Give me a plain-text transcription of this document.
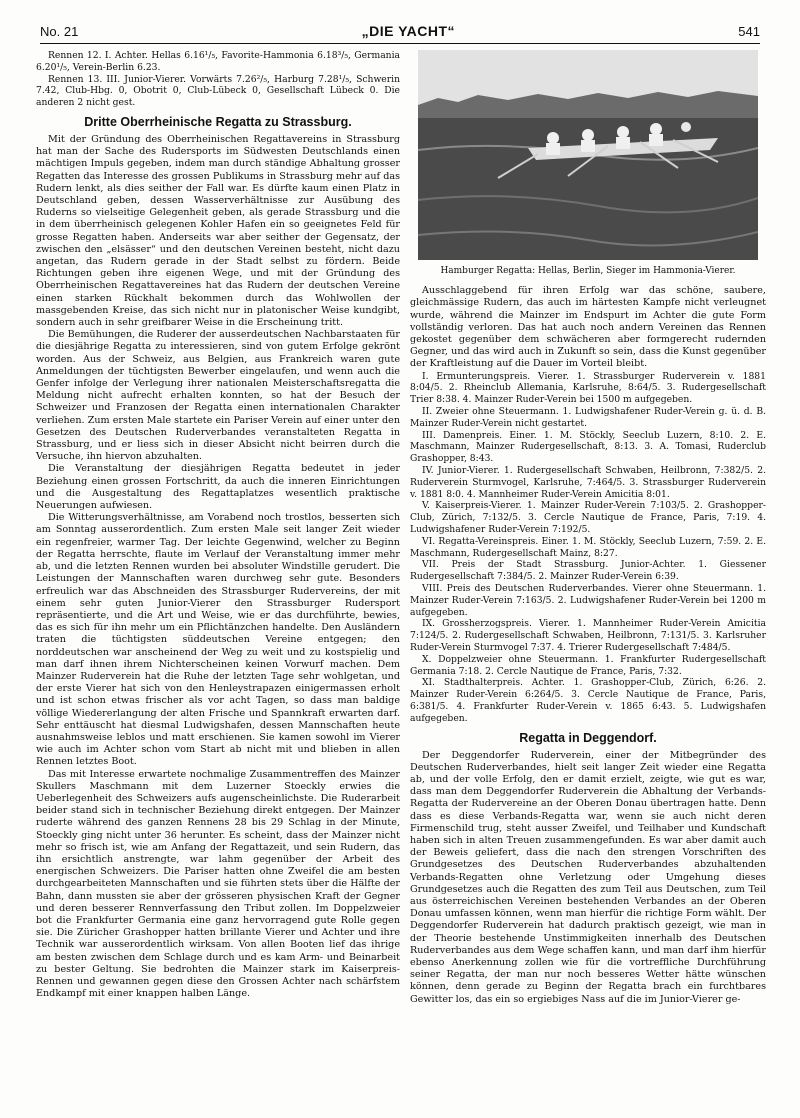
No. 21	„DIE YACHT“	541

Rennen 12. I. Achter. Hellas 6.16¹/₅, Favorite-Hammonia 6.18³/₅, Germania 6.20¹/₅, Verein-Berlin 6.23.

Rennen 13. III. Junior-Vierer. Vorwärts 7.26²/₅, Harburg 7.28¹/₅, Schwerin 7.42, Club-Hbg. 0, Obotrit 0, Club-Lübeck 0, Gesellschaft Lübeck 0. Die anderen 2 nicht gest.

Dritte Oberrheinische Regatta zu Strassburg.

Mit der Gründung des Oberrheinischen Regattavereins in Strassburg hat man der Sache des Rudersports im Südwesten Deutschlands einen mächtigen Impuls gegeben, indem man durch ständige Abhaltung grosser Regatten das Interesse des grossen Publikums in Strassburg mehr auf das Rudern lenkt, als dies seither der Fall war. Es dürfte kaum einen Platz in Deutschland geben, dessen Wasserverhältnisse zur Ausübung des Ruderns so vielseitige Gelegenheit geben, als gerade Strassburg und die in dem überrheinisch gelegenen Kohler Hafen ein so geeignetes Feld für grosse Regatten haben. Anderseits war aber seither der Gegensatz, der zwischen den „elsässer“ und den deutschen Vereinen besteht, nicht dazu angetan, das Rudern gerade in der Stadt selbst zu fördern. Beide Richtungen geben ihre eigenen Wege, und mit der Gründung des Oberrheinischen Regattavereines hat das Rudern der deutschen Vereine einen starken Rückhalt bekommen durch das Wohlwollen der massgebenden Kreise, das sich nicht nur in platonischer Weise kundgibt, sondern auch in sehr greifbarer Weise in die Erscheinung tritt.

Die Bemühungen, die Ruderer der ausserdeutschen Nachbarstaaten für die diesjährige Regatta zu interessieren, sind von gutem Erfolge gekrönt worden. Aus der Schweiz, aus Belgien, aus Frankreich waren gute Anmeldungen der tüchtigsten Bewerber eingelaufen, und wenn auch die Genfer infolge der Verlegung ihrer nationalen Meisterschaftsregatta die Meldung nicht aufrecht erhalten konnten, so hat der Besuch der Schweizer und Franzosen der Regatta einen internationalen Charakter verliehen. Zum ersten Male startete ein Pariser Verein auf einer unter den Gesetzen des Deutschen Ruderverbandes veranstalteten Regatta in Strassburg, und er liess sich in dieser Absicht nicht beirren durch die Versuche, ihn hiervon abzuhalten.

Die Veranstaltung der diesjährigen Regatta bedeutet in jeder Beziehung einen grossen Fortschritt, da auch die inneren Einrichtungen und die Ausgestaltung des Regattaplatzes wesentlich praktische Neuerungen aufwiesen.

Die Witterungsverhältnisse, am Vorabend noch trostlos, besserten sich am Sonntag ausserordentlich. Zum ersten Male seit langer Zeit wieder ein regenfreier, warmer Tag. Der leichte Gegenwind, welcher zu Beginn der Regatta herrschte, flaute im Verlauf der Veranstaltung immer mehr ab, und die letzten Rennen wurden bei absoluter Windstille gerudert. Die Leistungen der Mannschaften waren durchweg sehr gute. Besonders erfreulich war das Abschneiden des Strassburger Rudervereins, der mit einem sehr guten Junior-Vierer den Strassburger Rudersport repräsentierte, und die Art und Weise, wie er das durchführte, bewies, das es sich für ihn mehr um ein Pflichtänzchen handelte. Den Ausländern traten die tüchtigsten süddeutschen Vereine entgegen; den norddeutschen war anscheinend der Weg zu weit und zu kostspielig und man darf ihnen ihrem Nichterscheinen keinen Vorwurf machen. Dem Mainzer Ruderverein hat die Ruhe der letzten Tage sehr wohlgetan, und der erste Vierer hat sich von den Henleystrapazen einigermassen erholt und ist schon etwas frischer als vor acht Tagen, so dass man baldige völlige Wiedererlangung der alten Frische und Spannkraft erwarten darf. Sehr enttäuscht hat diesmal Ludwigshafen, dessen Mannschaften heute ausnahmsweise leblos und matt erschienen. Sie kamen sowohl im Vierer wie auch im Achter schon vom Start ab nicht mit und blieben in allen Rennen letztes Boot.

Das mit Interesse erwartete nochmalige Zusammentreffen des Mainzer Skullers Maschmann mit dem Luzerner Stoeckly erwies die Ueberlegenheit des Schweizers aufs augenscheinlichste. Die Ruderarbeit beider stand sich in technischer Beziehung direkt entgegen. Der Mainzer ruderte während des ganzen Rennens 28 bis 29 Schlag in der Minute, Stoeckly ging nicht unter 36 herunter. Es scheint, dass der Mainzer nicht mehr so frisch ist, wie am Anfang der Regattazeit, und sein Rudern, das ihn ersichtlich anstrengte, war lahm gegenüber der Arbeit des energischen Schweizers. Die Pariser hatten ohne Zweifel die am besten durchgearbeiteten Mannschaften und sie führten stets über die Hälfte der Bahn, dann mussten sie aber der grösseren physischen Kraft der Gegner und deren besserer Rennverfassung den Tribut zollen. Im Doppelzweier bot die Frankfurter Germania eine ganz hervorragend gute Rolle gegen sie. Die Züricher Grashopper hatten brillante Vierer und Achter und ihre Technik war ausserordentlich wirksam. Von allen Booten lief das ihrige am besten zwischen dem Schlage durch und es kam Arm- und Beinarbeit zu bester Geltung. Sie bedrohten die Mainzer stark im Kaiserpreis-Rennen und gewannen gegen diese den Grossen Achter nach schärfstem Endkampf mit einer knappen halben Länge.

Hamburger Regatta: Hellas, Berlin, Sieger im Hammonia-Vierer.

Ausschlaggebend für ihren Erfolg war das schöne, saubere, gleichmässige Rudern, das auch im härtesten Kampfe nicht verleugnet wurde, während die Mainzer im Endspurt im Achter die gute Form vollständig verloren. Das hat auch noch andern Vereinen das Rennen gekostet gegenüber dem schwächeren aber formgerecht rudernden Gegner, und das wird auch in Zukunft so sein, dass die Kunst gegenüber der Kraftleistung auf die Dauer im Vorteil bleibt.

I. Ermunterungspreis. Vierer. 1. Strassburger Ruderverein v. 1881 8:04/5. 2. Rheinclub Allemania, Karlsruhe, 8:64/5. 3. Rudergesellschaft Trier 8:38. 4. Mainzer Ruder-Verein bei 1500 m aufgegeben.

II. Zweier ohne Steuermann. 1. Ludwigshafener Ruder-Verein g. ü. d. B. Mainzer Ruder-Verein nicht gestartet.

III. Damenpreis. Einer. 1. M. Stöckly, Seeclub Luzern, 8:10. 2. E. Maschmann, Mainzer Rudergesellschaft, 8:13. 3. A. Tomasi, Ruderclub Grashopper, 8:43.

IV. Junior-Vierer. 1. Rudergesellschaft Schwaben, Heilbronn, 7:382/5. 2. Ruderverein Sturmvogel, Karlsruhe, 7:464/5. 3. Strassburger Ruderverein v. 1881 8:0. 4. Mannheimer Ruder-Verein Amicitia 8:01.

V. Kaiserpreis-Vierer. 1. Mainzer Ruder-Verein 7:103/5. 2. Grashopper-Club, Zürich, 7:132/5. 3. Cercle Nautique de France, Paris, 7:19. 4. Ludwigshafener Ruder-Verein 7:192/5.

VI. Regatta-Vereinspreis. Einer. 1. M. Stöckly, Seeclub Luzern, 7:59. 2. E. Maschmann, Rudergesellschaft Mainz, 8:27.

VII. Preis der Stadt Strassburg. Junior-Achter. 1. Giessener Rudergesellschaft 7:384/5. 2. Mainzer Ruder-Verein 6:39.

VIII. Preis des Deutschen Ruderverbandes. Vierer ohne Steuermann. 1. Mainzer Ruder-Verein 7:163/5. 2. Ludwigshafener Ruder-Verein bei 1200 m aufgegeben.

IX. Grossherzogspreis. Vierer. 1. Mannheimer Ruder-Verein Amicitia 7:124/5. 2. Rudergesellschaft Schwaben, Heilbronn, 7:131/5. 3. Karlsruher Ruder-Verein Sturmvogel 7:37. 4. Trierer Rudergesellschaft 7:484/5.

X. Doppelzweier ohne Steuermann. 1. Frankfurter Rudergesellschaft Germania 7:18. 2. Cercle Nautique de France, Paris, 7:32.

XI. Stadthalterpreis. Achter. 1. Grashopper-Club, Zürich, 6:26. 2. Mainzer Ruder-Verein 6:264/5. 3. Cercle Nautique de France, Paris, 6:381/5. 4. Frankfurter Ruder-Verein v. 1865 6:43. 5. Ludwigshafen aufgegeben.

Regatta in Deggendorf.

Der Deggendorfer Ruderverein, einer der Mitbegründer des Deutschen Ruderverbandes, hielt seit langer Zeit wieder eine Regatta ab, und der volle Erfolg, den er damit erzielt, zeigte, wie gut es war, dass man dem Deggendorfer Ruderverein die Abhaltung der Verbands-Regatta der Rudervereine an der Oberen Donau übertragen hatte. Denn dass es diese Verbands-Regatta war, wenn sie auch nicht deren Firmenschild trug, steht ausser Zweifel, und Teilhaber und Kundschaft haben sich in alten Treuen zusammengefunden. Es war aber damit auch der Beweis geliefert, dass die nach den strengen Vorschriften des Grundgesetzes des Deutschen Ruderverbandes abzuhaltenden Verbands-Regatten ohne Verletzung oder Umgehung dieses Grundgesetzes auch die Regatten des zum Teil aus Deutschen, zum Teil aus österreichischen Vereinen bestehenden Verbandes an der Oberen Donau umfassen können, wenn man hierfür die richtige Form wählt. Der Deggendorfer Ruderverein hat dadurch praktisch gezeigt, wie man in der Theorie bestehende Unstimmigkeiten innerhalb des Deutschen Ruderverbandes aus dem Wege schaffen kann, und man darf ihm hierfür ebenso Anerkennung zollen wie für die vortreffliche Durchführung seiner Regatta, der man nur noch besseres Wetter hätte wünschen können, denn gerade zu Beginn der Regatta brach ein furchtbares Gewitter los, das ein so ergiebiges Nass auf die im Junior-Vierer ge-
